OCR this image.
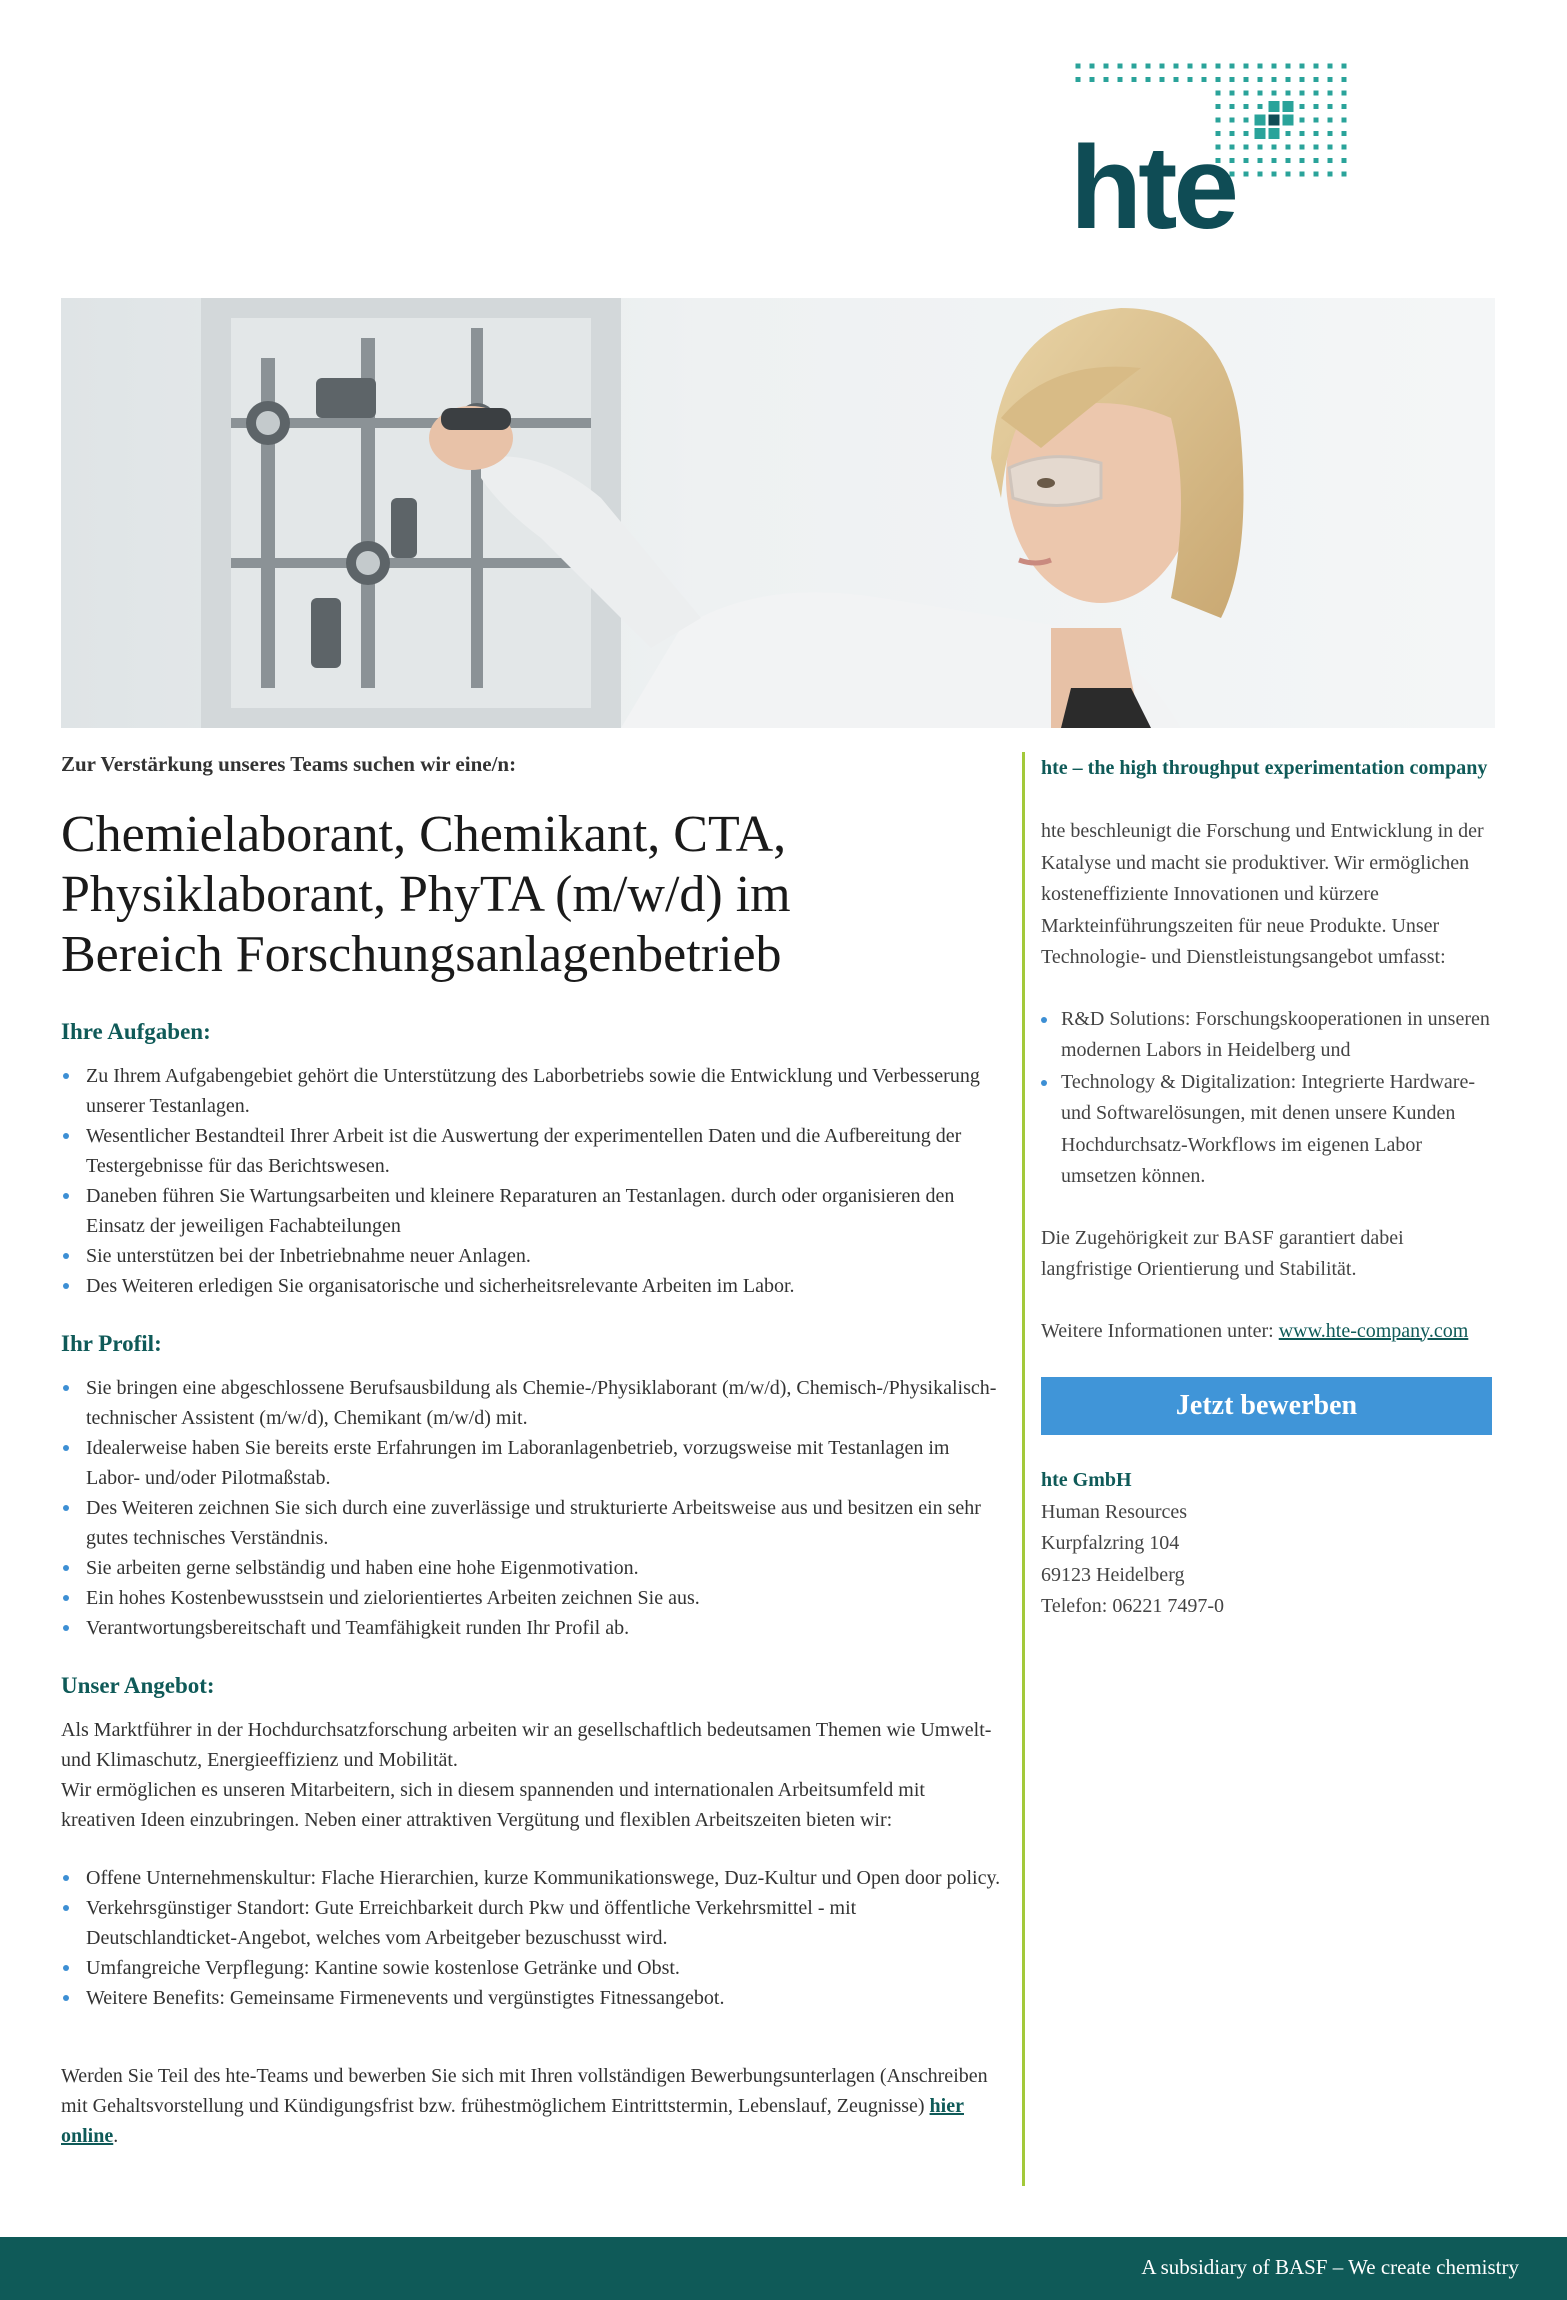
hte
Zur Verstärkung unseres Teams suchen wir eine/n:
Chemielaborant, Chemikant, CTA,
Physiklaborant, PhyTA (m/w/d) im
Bereich Forschungsanlagenbetrieb
Ihre Aufgaben:
Zu Ihrem Aufgabengebiet gehört die Unterstützung des Laborbetriebs sowie die Entwicklung und Verbesserung unserer Testanlagen.
Wesentlicher Bestandteil Ihrer Arbeit ist die Auswertung der experimentellen Daten und die Aufbereitung der Testergebnisse für das Berichtswesen.
Daneben führen Sie Wartungsarbeiten und kleinere Reparaturen an Testanlagen. durch oder organisieren den Einsatz der jeweiligen Fachabteilungen
Sie unterstützen bei der Inbetriebnahme neuer Anlagen.
Des Weiteren erledigen Sie organisatorische und sicherheitsrelevante Arbeiten im Labor.
Ihr Profil:
Sie bringen eine abgeschlossene Berufsausbildung als Chemie-/Physiklaborant (m/w/d), Chemisch-/Physikalisch-technischer Assistent (m/w/d), Chemikant (m/w/d) mit.
Idealerweise haben Sie bereits erste Erfahrungen im Laboranlagenbetrieb, vorzugsweise mit Testanlagen im Labor- und/oder Pilotmaßstab.
Des Weiteren zeichnen Sie sich durch eine zuverlässige und strukturierte Arbeitsweise aus und besitzen ein sehr gutes technisches Verständnis.
Sie arbeiten gerne selbständig und haben eine hohe Eigenmotivation.
Ein hohes Kostenbewusstsein und zielorientiertes Arbeiten zeichnen Sie aus.
Verantwortungsbereitschaft und Teamfähigkeit runden Ihr Profil ab.
Unser Angebot:

Als Marktführer in der Hochdurchsatzforschung arbeiten wir an gesellschaftlich bedeutsamen Themen wie Umwelt- und Klimaschutz, Energieeffizienz und Mobilität.

Wir ermöglichen es unseren Mitarbeitern, sich in diesem spannenden und internationalen Arbeitsumfeld mit kreativen Ideen einzubringen. Neben einer attraktiven Vergütung und flexiblen Arbeitszeiten bieten wir:

Offene Unternehmenskultur: Flache Hierarchien, kurze Kommunikationswege, Duz-Kultur und Open door policy.
Verkehrsgünstiger Standort: Gute Erreichbarkeit durch Pkw und öffentliche Verkehrsmittel - mit Deutschlandticket-Angebot, welches vom Arbeitgeber bezuschusst wird.
Umfangreiche Verpflegung: Kantine sowie kostenlose Getränke und Obst.
Weitere Benefits: Gemeinsame Firmenevents und vergünstigtes Fitnessangebot.

Werden Sie Teil des hte-Teams und bewerben Sie sich mit Ihren vollständigen Bewerbungsunterlagen (Anschreiben mit Gehaltsvorstellung und Kündigungsfrist bzw. frühestmöglichem Eintrittstermin, Lebenslauf, Zeugnisse) hier online.

hte – the high throughput experimentation company

hte beschleunigt die Forschung und Entwicklung in der Katalyse und macht sie produktiver. Wir ermöglichen kosteneffiziente Innovationen und kürzere Markteinführungszeiten für neue Produkte. Unser Technologie- und Dienstleistungsangebot umfasst:

R&D Solutions: Forschungskooperationen in unseren modernen Labors in Heidelberg und
Technology & Digitalization: Integrierte Hardware- und Softwarelösungen, mit denen unsere Kunden Hochdurchsatz-Workflows im eigenen Labor umsetzen können.

Die Zugehörigkeit zur BASF garantiert dabei langfristige Orientierung und Stabilität.

Weitere Informationen unter: www.hte-company.com

Jetzt bewerben
hte GmbH
Human Resources
Kurpfalzring 104
69123 Heidelberg
Telefon: 06221 7497-0
A subsidiary of BASF – We create chemistry
